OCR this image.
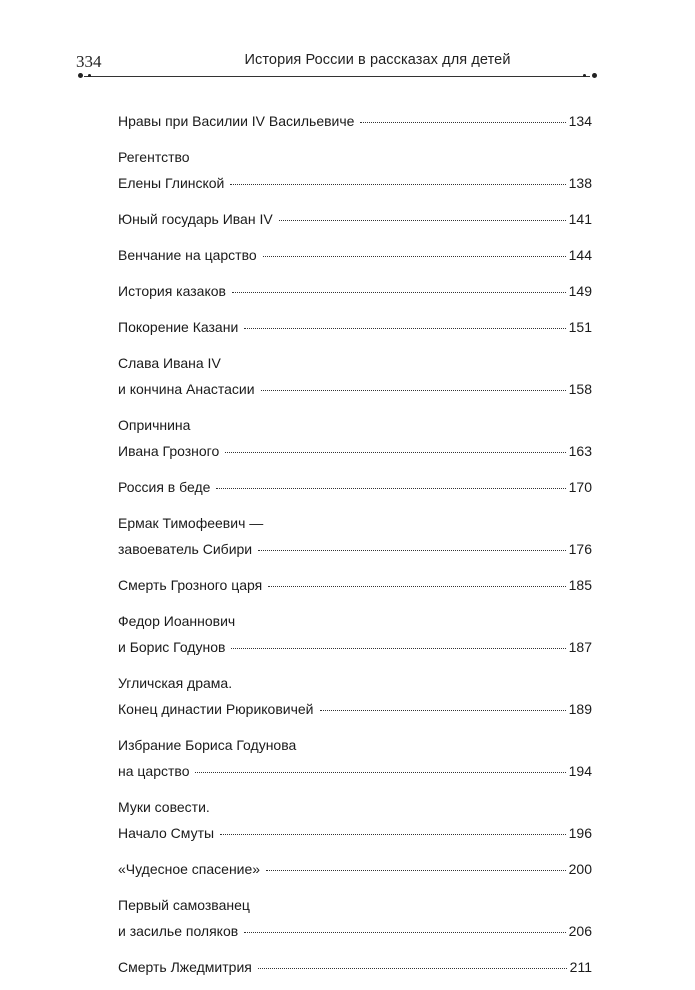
334	История России в рассказах для детей
Нравы при Василии IV Васильевиче	134
Регентство
Елены Глинской	138
Юный государь Иван IV	141
Венчание на царство	144
История казаков	149
Покорение Казани	151
Слава Ивана IV
и кончина Анастасии	158
Опричнина
Ивана Грозного	163
Россия в беде	170
Ермак Тимофеевич —
завоеватель Сибири	176
Смерть Грозного царя	185
Федор Иоаннович
и Борис Годунов	187
Угличская драма.
Конец династии Рюриковичей	189
Избрание Бориса Годунова
на царство	194
Муки совести.
Начало Смуты	196
«Чудесное спасение»	200
Первый самозванец
и засилье поляков	206
Смерть Лжедмитрия	211
